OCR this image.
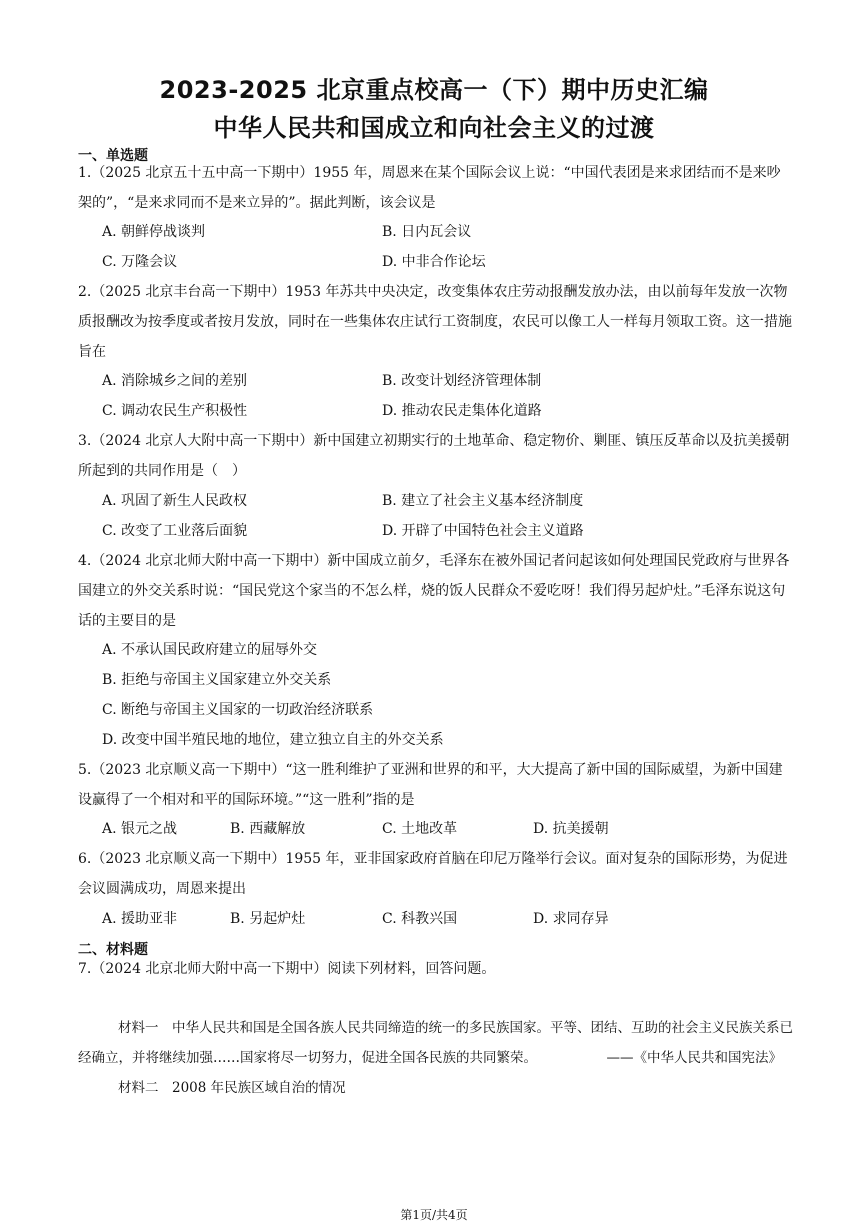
2023-2025 北京重点校高一（下）期中历史汇编
中华人民共和国成立和向社会主义的过渡
一、单选题

1.（2025 北京五十五中高一下期中）1955 年，周恩来在某个国际会议上说：“中国代表团是来求团结而不是来吵架的”，“是来求同而不是来立异的”。据此判断，该会议是

A. 朝鲜停战谈判	B. 日内瓦会议
C. 万隆会议	D. 中非合作论坛

2.（2025 北京丰台高一下期中）1953 年苏共中央决定，改变集体农庄劳动报酬发放办法，由以前每年发放一次物质报酬改为按季度或者按月发放，同时在一些集体农庄试行工资制度，农民可以像工人一样每月领取工资。这一措施旨在

A. 消除城乡之间的差别	B. 改变计划经济管理体制
C. 调动农民生产积极性	D. 推动农民走集体化道路

3.（2024 北京人大附中高一下期中）新中国建立初期实行的土地革命、稳定物价、剿匪、镇压反革命以及抗美援朝所起到的共同作用是（　）

A. 巩固了新生人民政权	B. 建立了社会主义基本经济制度
C. 改变了工业落后面貌	D. 开辟了中国特色社会主义道路

4.（2024 北京北师大附中高一下期中）新中国成立前夕，毛泽东在被外国记者问起该如何处理国民党政府与世界各国建立的外交关系时说：“国民党这个家当的不怎么样，烧的饭人民群众不爱吃呀！我们得另起炉灶。”毛泽东说这句话的主要目的是

A. 不承认国民政府建立的屈辱外交
B. 拒绝与帝国主义国家建立外交关系
C. 断绝与帝国主义国家的一切政治经济联系
D. 改变中国半殖民地的地位，建立独立自主的外交关系

5.（2023 北京顺义高一下期中）“这一胜利维护了亚洲和世界的和平，大大提高了新中国的国际威望，为新中国建设赢得了一个相对和平的国际环境。”“这一胜利”指的是

A. 银元之战	B. 西藏解放	C. 土地改革	D. 抗美援朝

6.（2023 北京顺义高一下期中）1955 年，亚非国家政府首脑在印尼万隆举行会议。面对复杂的国际形势，为促进会议圆满成功，周恩来提出

A. 援助亚非	B. 另起炉灶	C. 科教兴国	D. 求同存异
二、材料题

7.（2024 北京北师大附中高一下期中）阅读下列材料，回答问题。

材料一　中华人民共和国是全国各族人民共同缔造的统一的多民族国家。平等、团结、互助的社会主义民族关系已经确立，并将继续加强……国家将尽一切努力，促进全国各民族的共同繁荣。	——《中华人民共和国宪法》

材料二　2008 年民族区域自治的情况

第1页/共4页
